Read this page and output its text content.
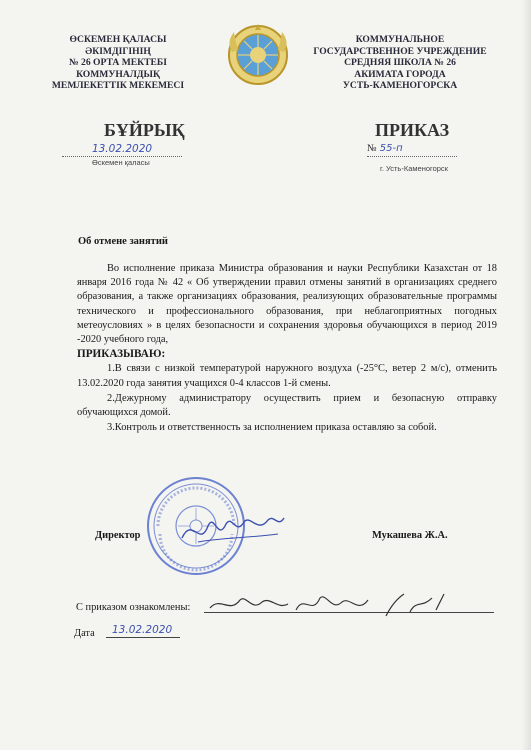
ӨСКЕМЕН ҚАЛАСЫ
ӘКІМДІГІНІҢ
№ 26 ОРТА МЕКТЕБІ
КОММУНАЛДЫҚ
МЕМЛЕКЕТТІК МЕКЕМЕСІ
КОММУНАЛЬНОЕ
ГОСУДАРСТВЕННОЕ УЧРЕЖДЕНИЕ
СРЕДНЯЯ ШКОЛА № 26
АКИМАТА ГОРОДА
УСТЬ-КАМЕНОГОРСКА
БҰЙРЫҚ	ПРИКАЗ
13.02.2020
Өскемен қаласы
№ 55-п
г. Усть-Каменогорск
Об отмене занятий

Во исполнение приказа Министра образования и науки Республики Казахстан от 18 января 2016 года № 42 « Об утверждении правил отмены занятий в организациях среднего образования, а также организациях образования, реализующих образовательные программы технического и профессионального образования, при неблагоприятных погодных метеоусловиях » в целях безопасности и сохранения здоровья обучающихся в период 2019 -2020 учебного года,

ПРИКАЗЫВАЮ:

1.В связи с низкой температурой наружного воздуха (-25°С, ветер 2 м/с), отменить 13.02.2020 года занятия учащихся 0-4 классов 1-й смены.

2.Дежурному администратору осуществить прием и безопасную отправку обучающихся домой.

3.Контроль и ответственность за исполнением приказа оставляю за собой.

Директор	Мукашева Ж.А.
С приказом ознакомлены:
Дата 13.02.2020
